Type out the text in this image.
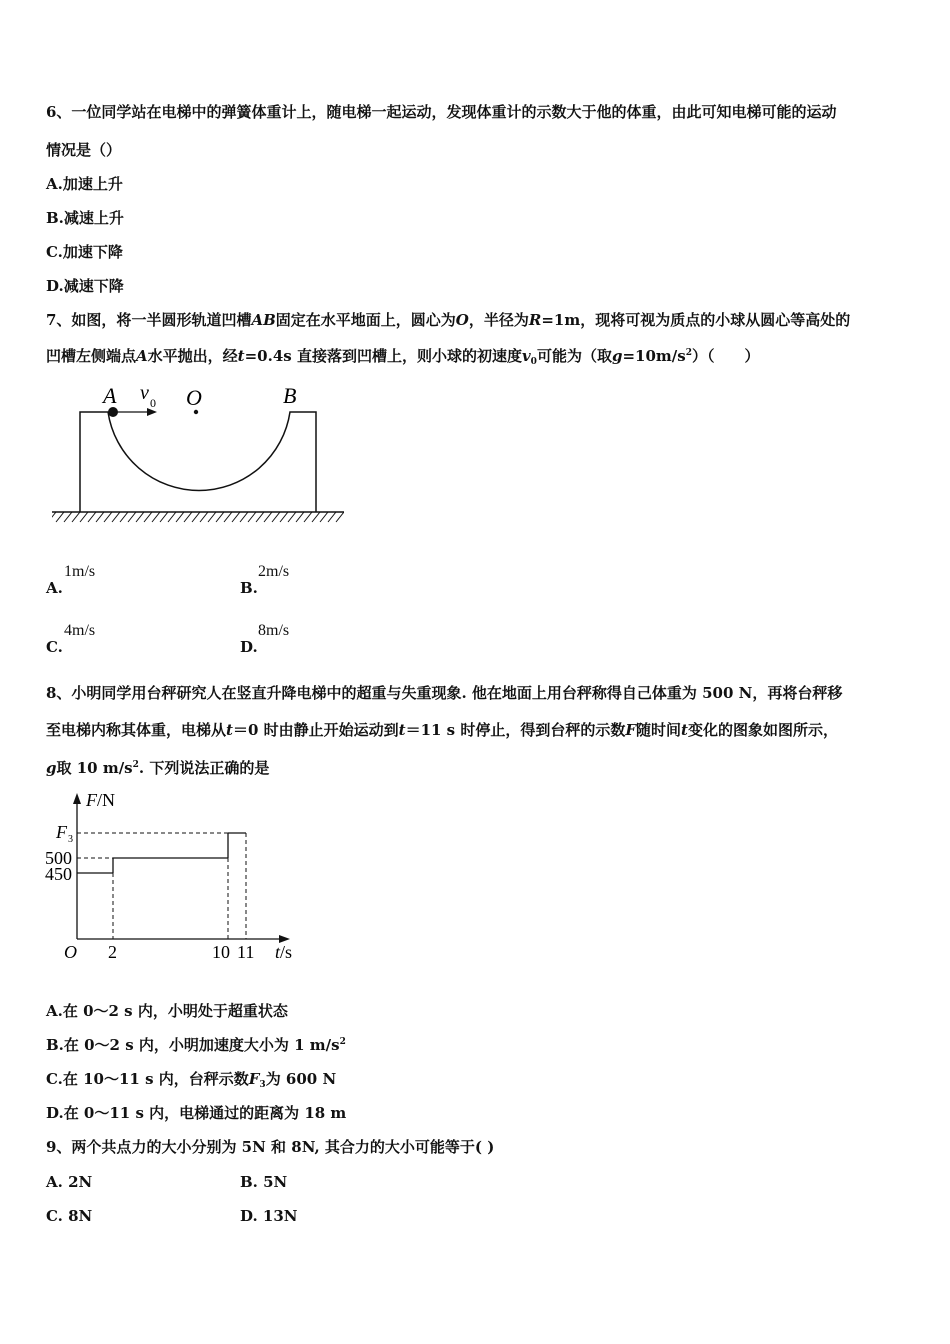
6、一位同学站在电梯中的弹簧体重计上，随电梯一起运动，发现体重计的示数大于他的体重，由此可知电梯可能的运动
情况是（）
A.加速上升
B.减速上升
C.加速下降
D.减速下降
7、如图，将一半圆形轨道凹槽AB固定在水平地面上，圆心为O，半径为R=1m，现将可视为质点的小球从圆心等高处的
凹槽左侧端点A水平抛出，经t=0.4s 直接落到凹槽上，则小球的初速度$v_0$可能为（取$g=10m/s^2$）（　　）
A v 0 O	B
A.
1m/s
B.
2m/s
C.
4m/s
D.
8m/s
8、小明同学用台秤研究人在竖直升降电梯中的超重与失重现象. 他在地面上用台秤称得自己体重为 500 N，再将台秤移
至电梯内称其体重，电梯从t＝0 时由静止开始运动到t＝11 s 时停止，得到台秤的示数F随时间t变化的图象如图所示，
g取 10 $m/s^2$. 下列说法正确的是
F/N
t/s
O
F 3
2	10 11
450
500
A.在 0～2 s 内，小明处于超重状态
B.在 0～2 s 内，小明加速度大小为 1 $m/s^2$
C.在 10～11 s 内，台秤示数$F_3$为 600 N
D.在 0～11 s 内，电梯通过的距离为 18 m
9、两个共点力的大小分别为 5N 和 8N, 其合力的大小可能等于( )
A. 2N	B. 5N
C. 8N	D. 13N
